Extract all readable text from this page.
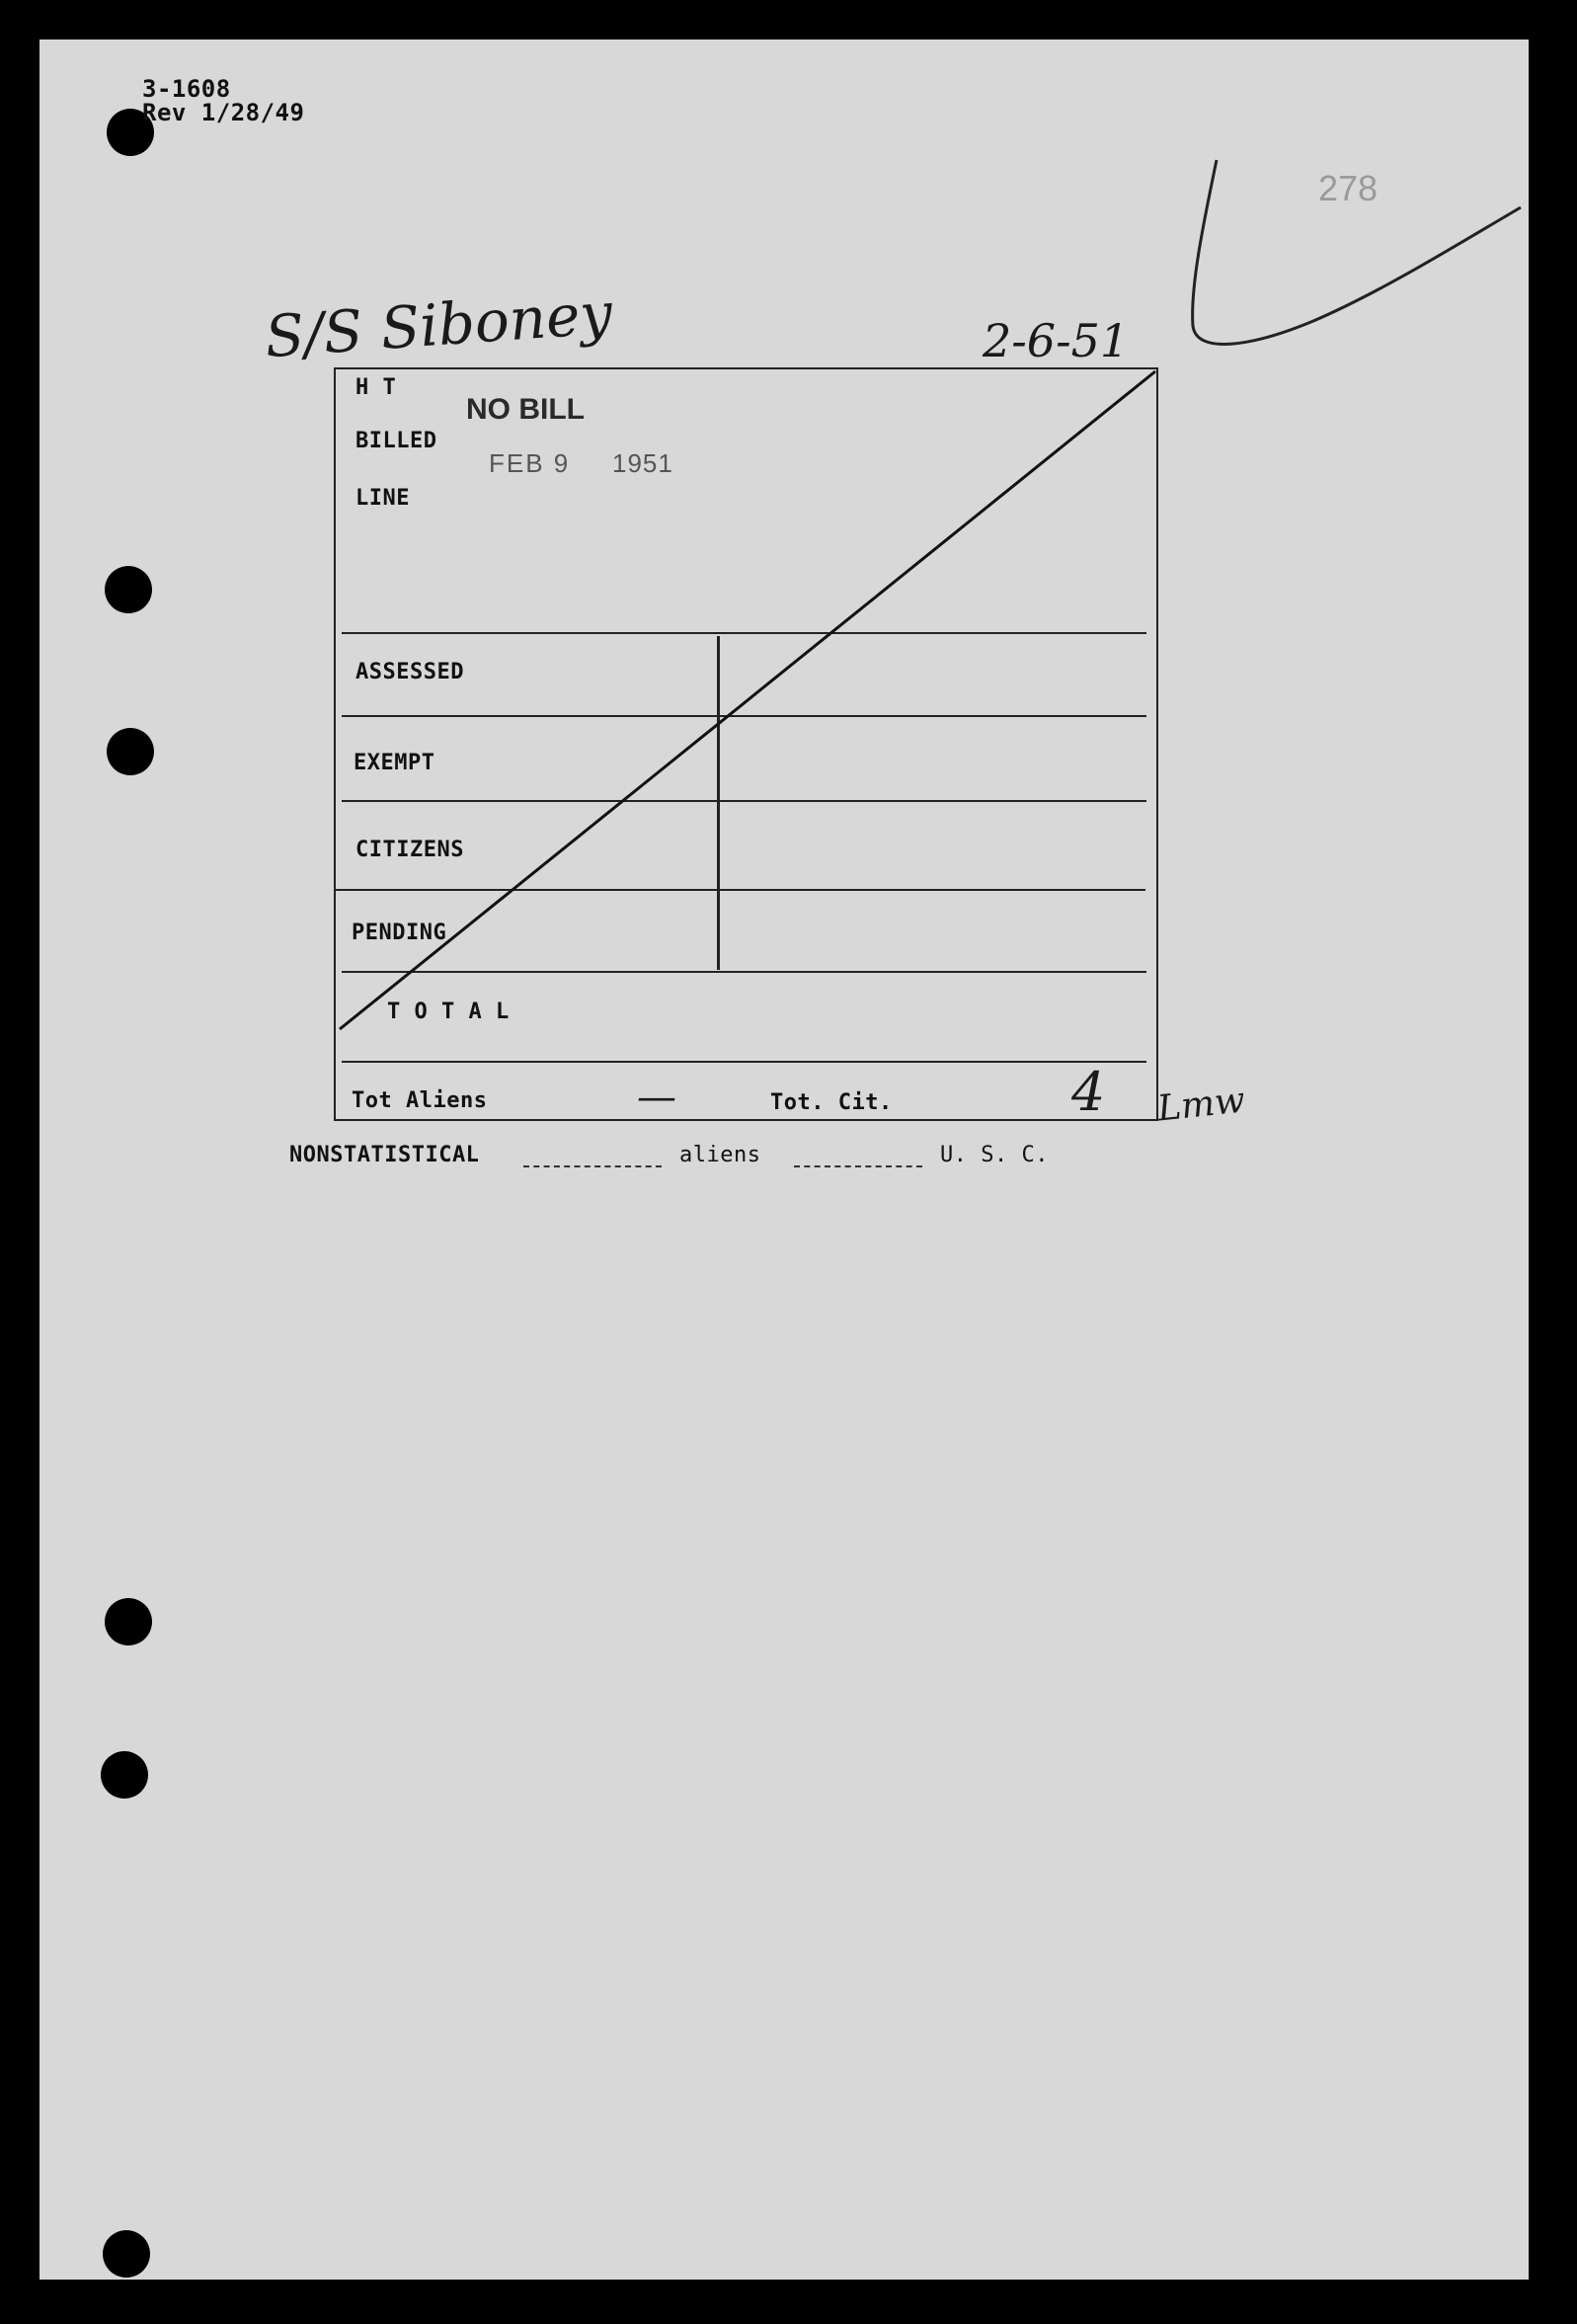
3-1608
Rev 1/28/49
278
S/S Siboney	2-6-51
H T
BILLED
LINE
NO BILL
FEB 9 1951
ASSESSED
EXEMPT
CITIZENS
PENDING
T O T A L
Tot Aliens	—	Tot. Cit.	4 Lmw
NONSTATISTICAL	aliens	U. S. C.
